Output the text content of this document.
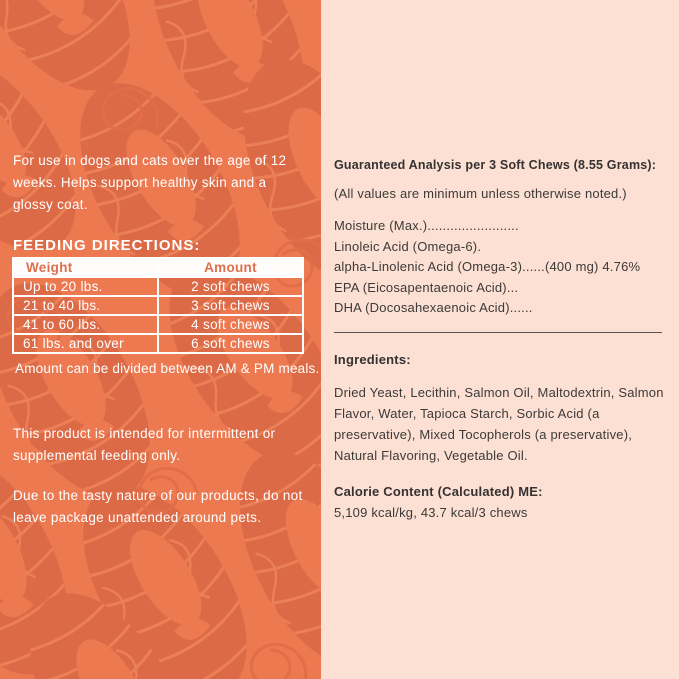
For use in dogs and cats over the age of 12 weeks. Helps support healthy skin and a glossy coat.

FEEDING DIRECTIONS:
Weight	Amount
Up to 20 lbs.	2 soft chews
21 to 40 lbs.	3 soft chews
41 to 60 lbs.	4 soft chews
61 lbs. and over	6 soft chews
Amount can be divided between AM & PM meals.

This product is intended for intermittent or supplemental feeding only.

Due to the tasty nature of our products, do not leave package unattended around pets.

Guaranteed Analysis per 3 Soft Chews (8.55 Grams):
(All values are minimum unless otherwise noted.)
Moisture (Max.)........................
Linoleic Acid (Omega-6).
alpha-Linolenic Acid (Omega-3)......(400 mg) 4.76%
EPA (Eicosapentaenoic Acid)...
DHA (Docosahexaenoic Acid)......
Ingredients:

Dried Yeast, Lecithin, Salmon Oil, Maltodextrin, Salmon Flavor, Water, Tapioca Starch, Sorbic Acid (a preservative), Mixed Tocopherols (a preservative), Natural Flavoring, Vegetable Oil.

Calorie Content (Calculated) ME:
5,109 kcal/kg, 43.7 kcal/3 chews
